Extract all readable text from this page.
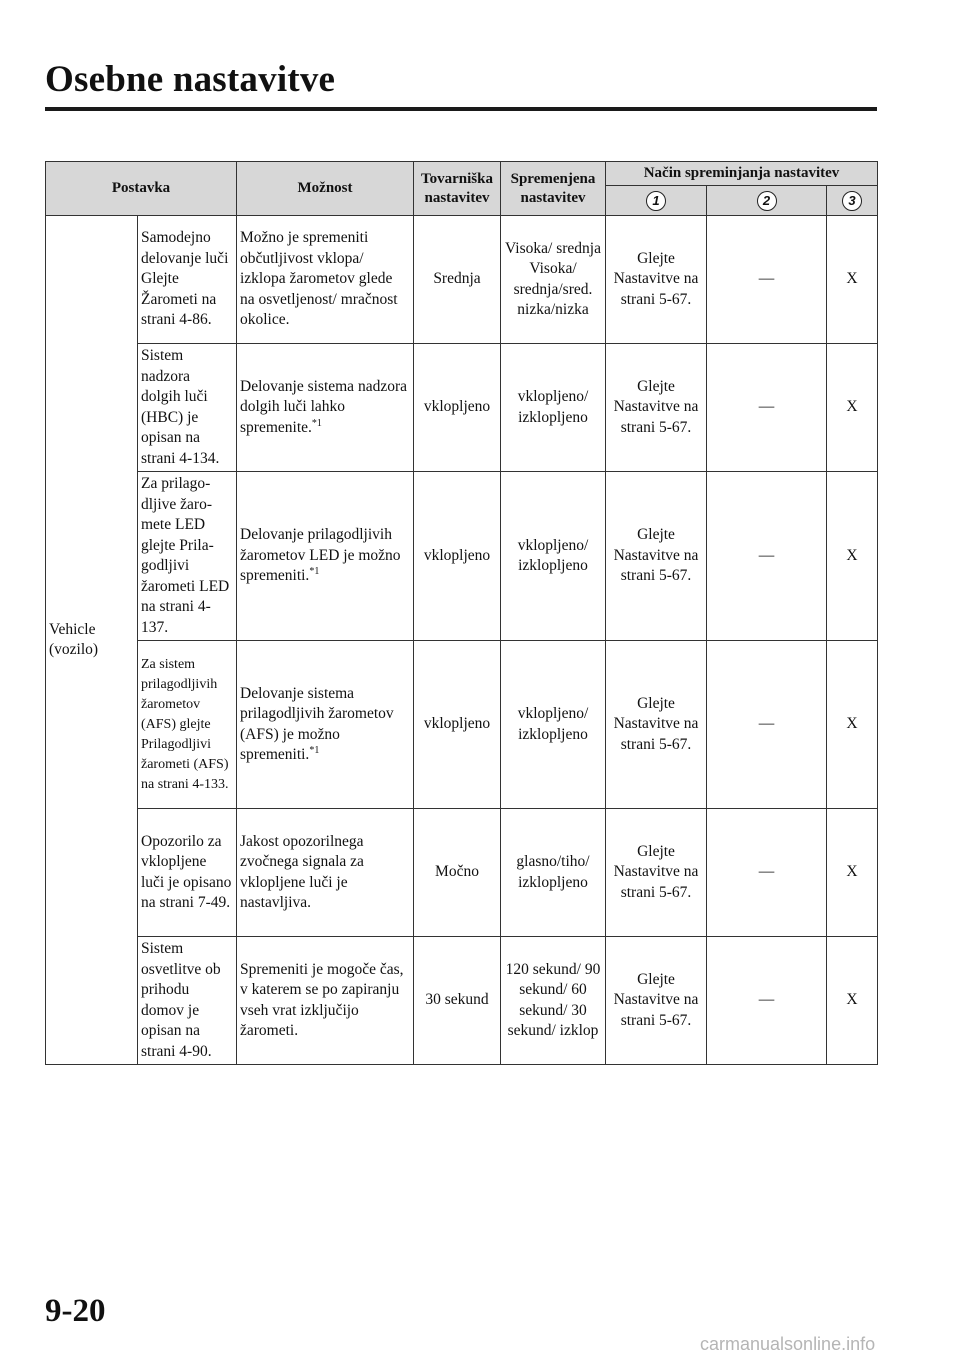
Osebne nastavitve
Postavka		Možnost	Tovarniška nastavitev	Spremenjena nastavitev	Način spreminjanja nastavitev		
					1	2	3
Vehicle (vozilo)	Samodejno delovanje luči Glejte Žarometi na strani 4-86.	Možno je spremeniti občutljivost vklopa/ izklopa žarometov glede na osvetljenost/ mračnost okolice.	Srednja	Visoka/ srednja Visoka/ srednja/sred. nizka/nizka	Glejte Nastavitve na strani 5-67.	—	X
	Sistem nadzora dolgih luči (HBC) je opisan na strani 4-134.	Delovanje sistema nadzora dolgih luči lahko spremenite.$^{*1}$	vklopljeno	vklopljeno/ izklopljeno	Glejte Nastavitve na strani 5-67.	—	X
	Za prilago- dljive žaro- mete LED glejte Prila- godljivi žarometi LED na strani 4-137.	Delovanje prilagodljivih žarometov LED je možno spremeniti.$^{*1}$	vklopljeno	vklopljeno/ izklopljeno	Glejte Nastavitve na strani 5-67.	—	X
	Za sistem prilagodljivih žarometov (AFS) glejte Prilagodljivi žarometi (AFS) na strani 4-133.	Delovanje sistema prilagodljivih žarometov (AFS) je možno spremeniti.$^{*1}$	vklopljeno	vklopljeno/ izklopljeno	Glejte Nastavitve na strani 5-67.	—	X
	Opozorilo za vklopljene luči je opisano na strani 7-49.	Jakost opozorilnega zvočnega signala za vklopljene luči je nastavljiva.	Močno	glasno/tiho/ izklopljeno	Glejte Nastavitve na strani 5-67.	—	X
	Sistem osvetlitve ob prihodu domov je opisan na strani 4-90.	Spremeniti je mogoče čas, v katerem se po zapiranju vseh vrat izključijo žarometi.	30 sekund	120 sekund/ 90 sekund/ 60 sekund/ 30 sekund/ izklop	Glejte Nastavitve na strani 5-67.	—	X
9-20
carmanualsonline.info
